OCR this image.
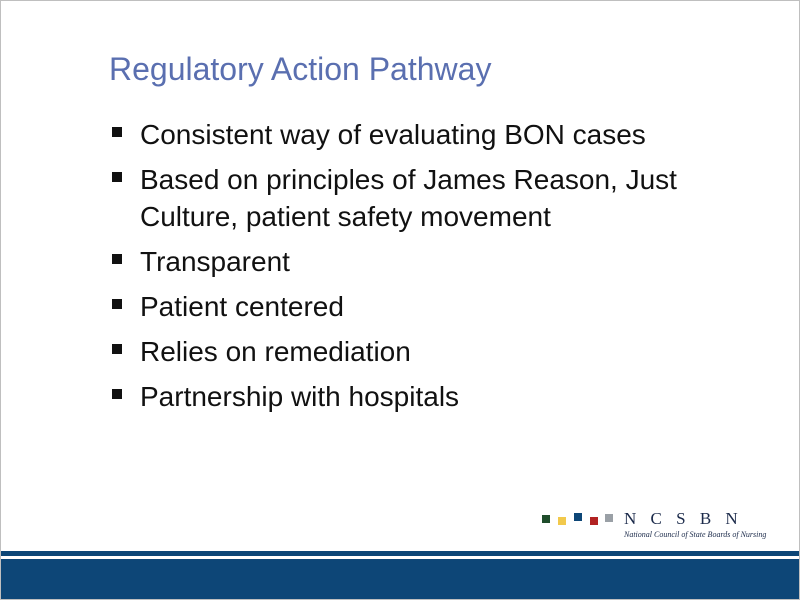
Regulatory Action Pathway
Consistent way of evaluating BON cases
Based on principles of James Reason, Just Culture, patient safety movement
Transparent
Patient centered
Relies on remediation
Partnership with hospitals
N C S B N
National Council of State Boards of Nursing
